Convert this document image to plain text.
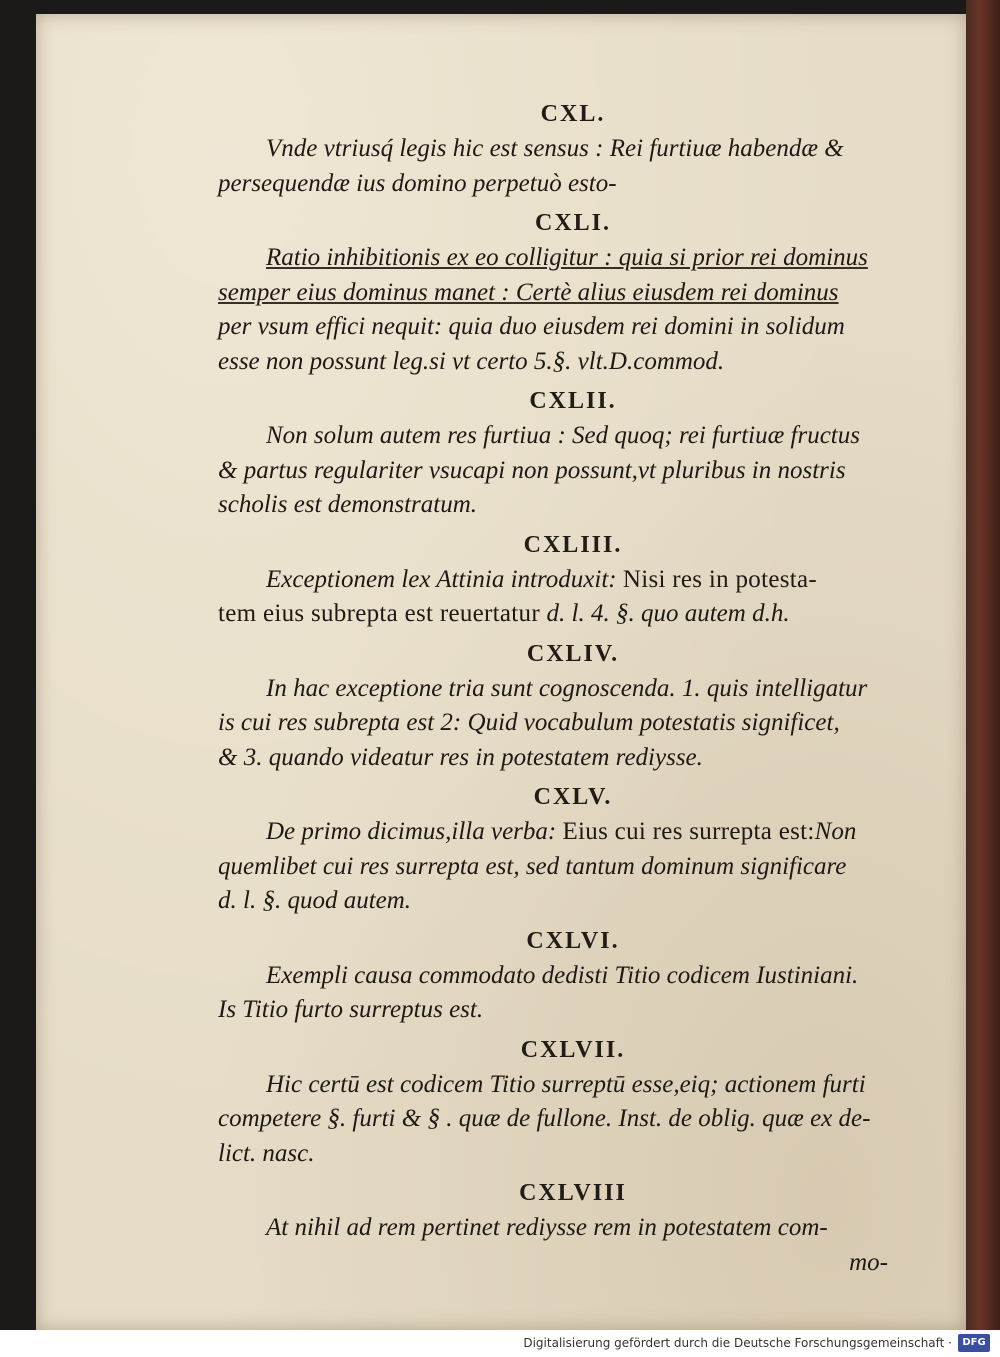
CXL.

Vnde vtriusq́ legis hic est sensus : Rei furtiuæ habendæ &
persequendæ ius domino perpetuò esto-

CXLI.

Ratio inhibitionis ex eo colligitur : quia si prior rei dominus
semper eius dominus manet : Certè alius eiusdem rei dominus
per vsum effici nequit: quia duo eiusdem rei domini in solidum
esse non possunt leg.si vt certo 5.§. vlt.D.commod.

CXLII.

Non solum autem res furtiua : Sed quoq; rei furtiuæ fructus
& partus regulariter vsucapi non possunt,vt pluribus in nostris
scholis est demonstratum.

CXLIII.

Exceptionem lex Attinia introduxit: Nisi res in potesta-
tem eius subrepta est reuertatur d. l. 4. §. quo autem d.h.

CXLIV.

In hac exceptione tria sunt cognoscenda. 1. quis intelligatur
is cui res subrepta est 2: Quid vocabulum potestatis significet,
& 3. quando videatur res in potestatem rediysse.

CXLV.

De primo dicimus,illa verba: Eius cui res surrepta est:Non
quemlibet cui res surrepta est, sed tantum dominum significare
d. l. §. quod autem.

CXLVI.

Exempli causa commodato dedisti Titio codicem Iustiniani.
Is Titio furto surreptus est.

CXLVII.

Hic certū est codicem Titio surreptū esse,eiq; actionem furti
competere §. furti & § . quæ de fullone. Inst. de oblig. quæ ex de-
lict. nasc.

CXLVIII

At nihil ad rem pertinet rediysse rem in potestatem com-
mo-

Digitalisierung gefördert durch die Deutsche Forschungsgemeinschaft ·	DFG
